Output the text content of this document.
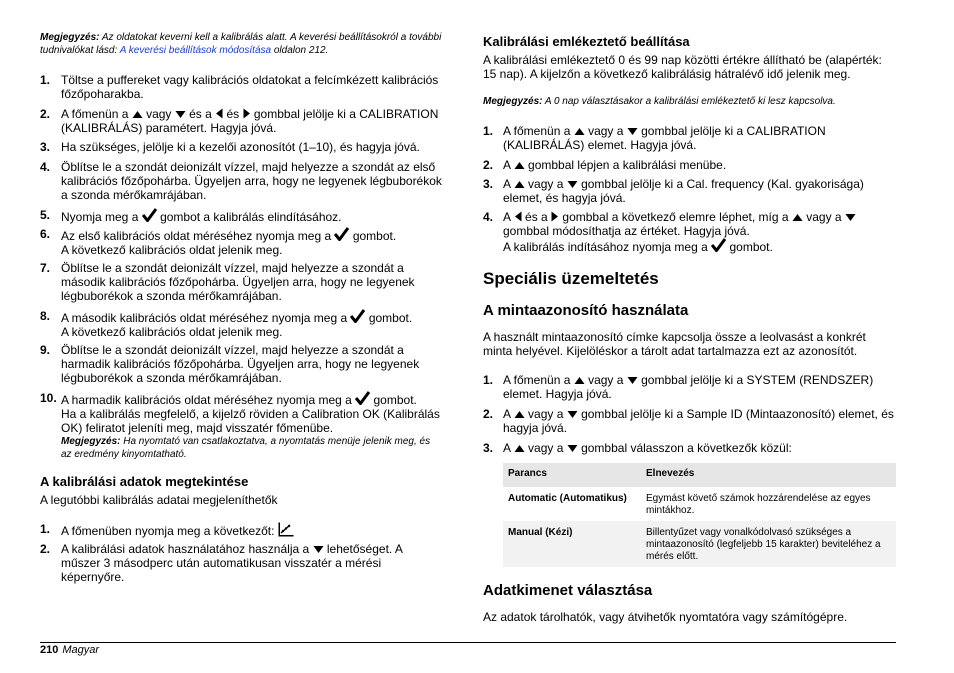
Megjegyzés: Az oldatokat keverni kell a kalibrálás alatt. A keverési beállításokról a további tudnivalókat lásd: A keverési beállítások módosítása oldalon 212.
1. Töltse a puffereket vagy kalibrációs oldatokat a felcímkézett kalibrációs főzőpoharakba.
2. A főmenün a vagy és a és gombbal jelölje ki a CALIBRATION (KALIBRÁLÁS) paramétert. Hagyja jóvá.
3. Ha szükséges, jelölje ki a kezelői azonosítót (1–10), és hagyja jóvá.
4. Öblítse le a szondát deionizált vízzel, majd helyezze a szondát az első kalibrációs főzőpohárba. Ügyeljen arra, hogy ne legyenek légbuborékok a szonda mérőkamrájában.
5. Nyomja meg a gombot a kalibrálás elindításához.
6. Az első kalibrációs oldat méréséhez nyomja meg a gombot.
A következő kalibrációs oldat jelenik meg.
7. Öblítse le a szondát deionizált vízzel, majd helyezze a szondát a második kalibrációs főzőpohárba. Ügyeljen arra, hogy ne legyenek légbuborékok a szonda mérőkamrájában.
8. A második kalibrációs oldat méréséhez nyomja meg a gombot.
A következő kalibrációs oldat jelenik meg.
9. Öblítse le a szondát deionizált vízzel, majd helyezze a szondát a harmadik kalibrációs főzőpohárba. Ügyeljen arra, hogy ne legyenek légbuborékok a szonda mérőkamrájában.
10. A harmadik kalibrációs oldat méréséhez nyomja meg a gombot.
Ha a kalibrálás megfelelő, a kijelző röviden a Calibration OK (Kalibrálás OK) feliratot jeleníti meg, majd visszatér főmenübe.
Megjegyzés: Ha nyomtató van csatlakoztatva, a nyomtatás menüje jelenik meg, és az eredmény kinyomtatható.
A kalibrálási adatok megtekintése
A legutóbbi kalibrálás adatai megjeleníthetők
1. A főmenüben nyomja meg a következőt:
2. A kalibrálási adatok használatához használja a lehetőséget. A műszer 3 másodperc után automatikusan visszatér a mérési képernyőre.
Kalibrálási emlékeztető beállítása
A kalibrálási emlékeztető 0 és 99 nap közötti értékre állítható be (alapérték: 15 nap). A kijelzőn a következő kalibrálásig hátralévő idő jelenik meg.
Megjegyzés: A 0 nap választásakor a kalibrálási emlékeztető ki lesz kapcsolva.
1. A főmenün a vagy a gombbal jelölje ki a CALIBRATION (KALIBRÁLÁS) elemet. Hagyja jóvá.
2. A gombbal lépjen a kalibrálási menübe.
3. A vagy a gombbal jelölje ki a Cal. frequency (Kal. gyakorisága) elemet, és hagyja jóvá.
4. A és a gombbal a következő elemre léphet, míg a vagy a  gombbal módosíthatja az értéket. Hagyja jóvá.
A kalibrálás indításához nyomja meg a gombot.
Speciális üzemeltetés
A mintaazonosító használata
A használt mintaazonosító címke kapcsolja össze a leolvasást a konkrét minta helyével. Kijelöléskor a tárolt adat tartalmazza ezt az azonosítót.
1. A főmenün a vagy a gombbal jelölje ki a SYSTEM (RENDSZER) elemet. Hagyja jóvá.
2. A vagy a gombbal jelölje ki a Sample ID (Mintaazonosító) elemet, és hagyja jóvá.
3. A vagy a gombbal válasszon a következők közül:
Adatkimenet választása
Az adatok tárolhatók, vagy átvihetők nyomtatóra vagy számítógépre.
Parancs	Elnevezés
Automatic (Automatikus)	Egymást követő számok hozzárendelése az egyes mintákhoz.
Manual (Kézi)	Billentyűzet vagy vonalkódolvasó szükséges a mintaazonosító (legfeljebb 15 karakter) beviteléhez a mérés előtt.
210 Magyar
